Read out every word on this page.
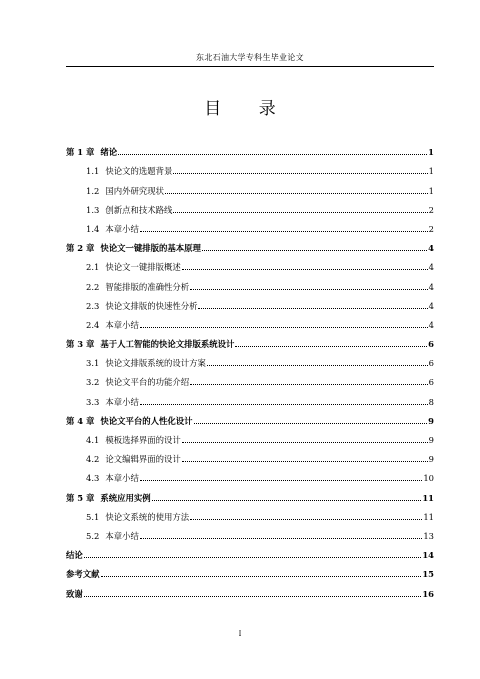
东北石油大学专科生毕业论文
目 录
第 1 章 绪论	1
1.1 快论文的选题背景	1
1.2 国内外研究现状	1
1.3 创新点和技术路线	2
1.4 本章小结	2
第 2 章 快论文一键排版的基本原理	4
2.1 快论文一键排版概述	4
2.2 智能排版的准确性分析	4
2.3 快论文排版的快速性分析	4
2.4 本章小结	4
第 3 章 基于人工智能的快论文排版系统设计	6
3.1 快论文排版系统的设计方案	6
3.2 快论文平台的功能介绍	6
3.3 本章小结	8
第 4 章 快论文平台的人性化设计	9
4.1 模板选择界面的设计	9
4.2 论文编辑界面的设计	9
4.3 本章小结	10
第 5 章 系统应用实例	11
5.1 快论文系统的使用方法	11
5.2 本章小结	13
结论	14
参考文献	15
致谢	16
I
